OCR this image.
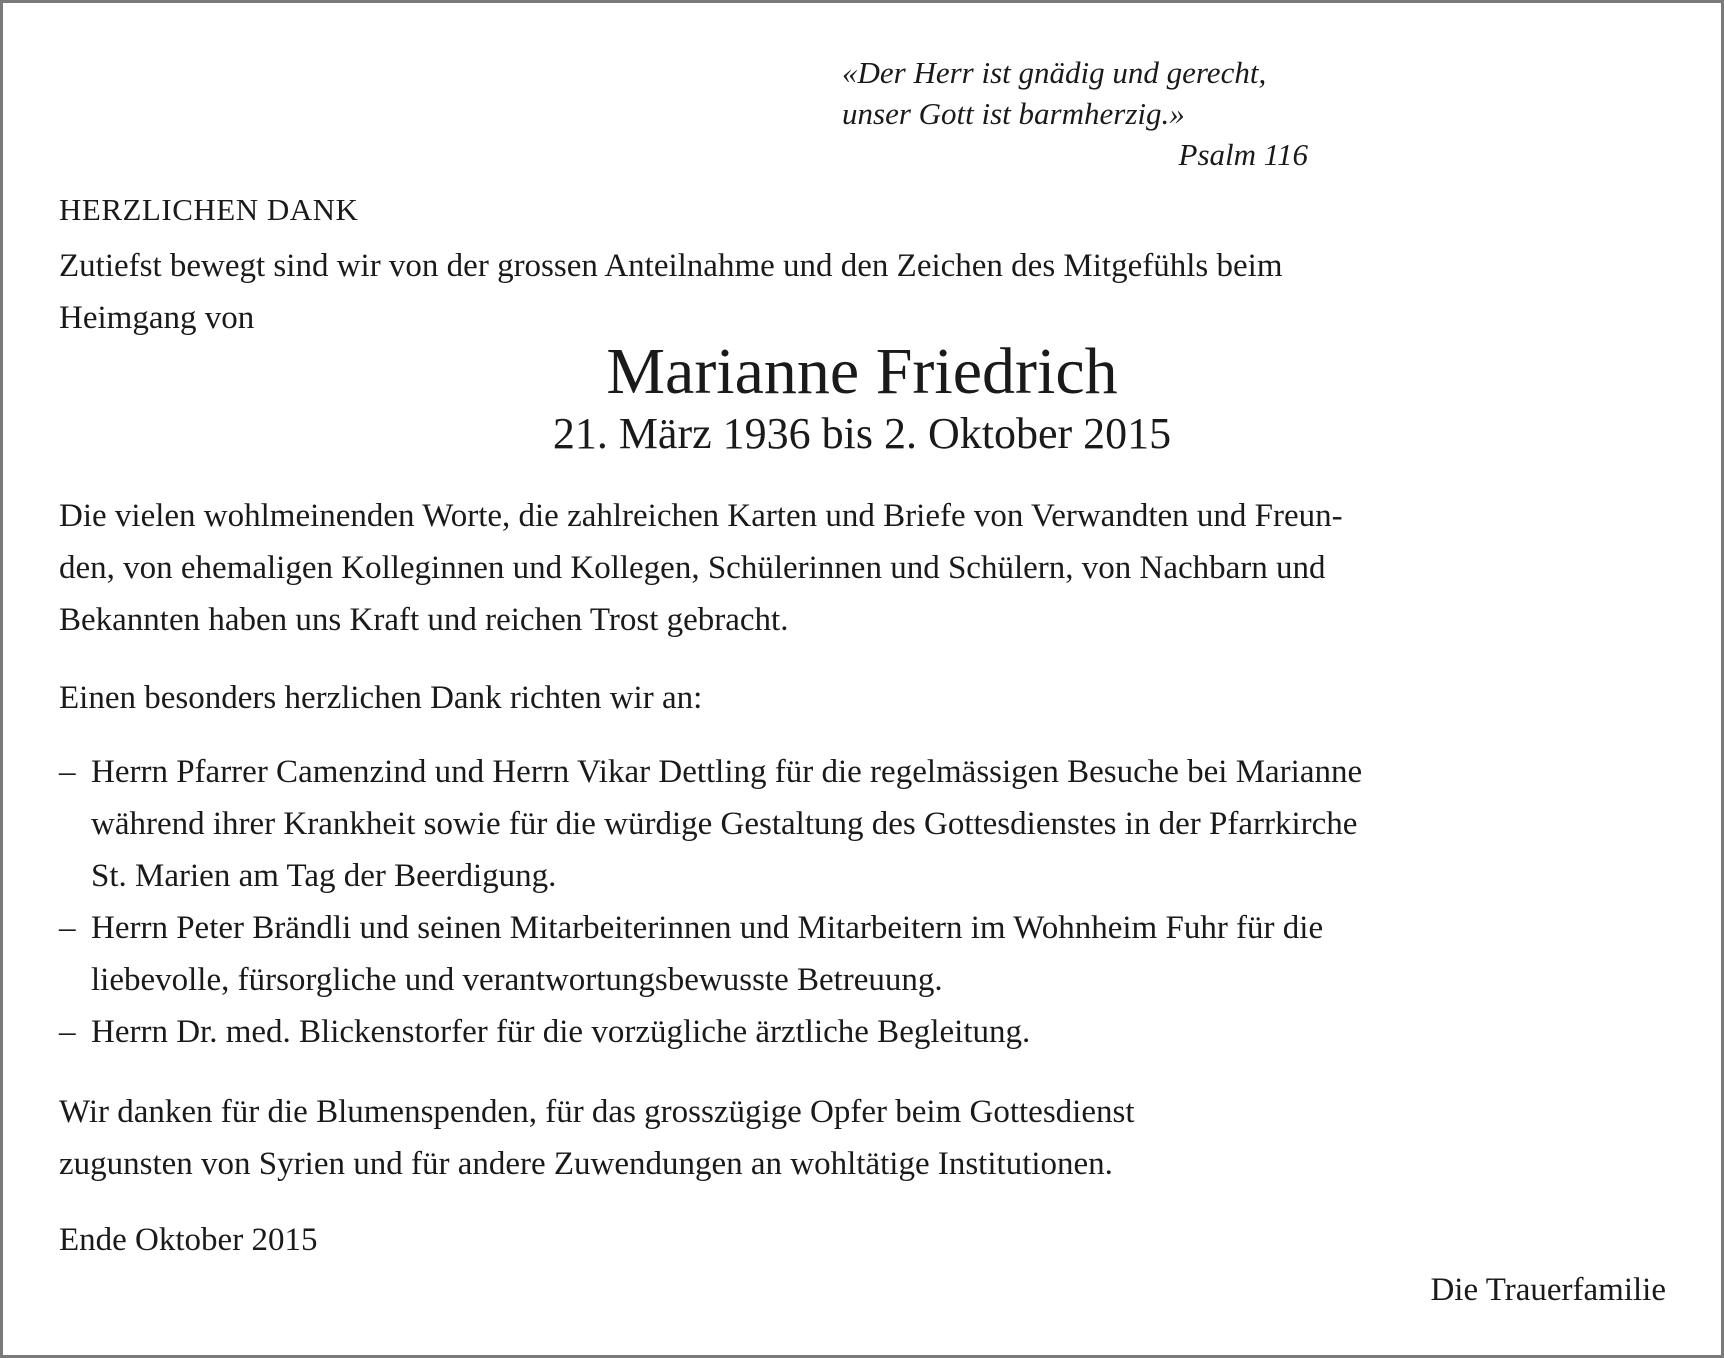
«Der Herr ist gnädig und gerecht,
unser Gott ist barmherzig.»
Psalm 116
HERZLICHEN DANK
Zutiefst bewegt sind wir von der grossen Anteilnahme und den Zeichen des Mitgefühls beim
Heimgang von
Marianne Friedrich
21. März 1936 bis 2. Oktober 2015
Die vielen wohlmeinenden Worte, die zahlreichen Karten und Briefe von Verwandten und Freun-
den, von ehemaligen Kolleginnen und Kollegen, Schülerinnen und Schülern, von Nachbarn und
Bekannten haben uns Kraft und reichen Trost gebracht.
Einen besonders herzlichen Dank richten wir an:
– Herrn Pfarrer Camenzind und Herrn Vikar Dettling für die regelmässigen Besuche bei Marianne
während ihrer Krankheit sowie für die würdige Gestaltung des Gottesdienstes in der Pfarrkirche
St. Marien am Tag der Beerdigung.
– Herrn Peter Brändli und seinen Mitarbeiterinnen und Mitarbeitern im Wohnheim Fuhr für die
liebevolle, fürsorgliche und verantwortungsbewusste Betreuung.
– Herrn Dr. med. Blickenstorfer für die vorzügliche ärztliche Begleitung.
Wir danken für die Blumenspenden, für das grosszügige Opfer beim Gottesdienst
zugunsten von Syrien und für andere Zuwendungen an wohltätige Institutionen.
Ende Oktober 2015
Die Trauerfamilie
